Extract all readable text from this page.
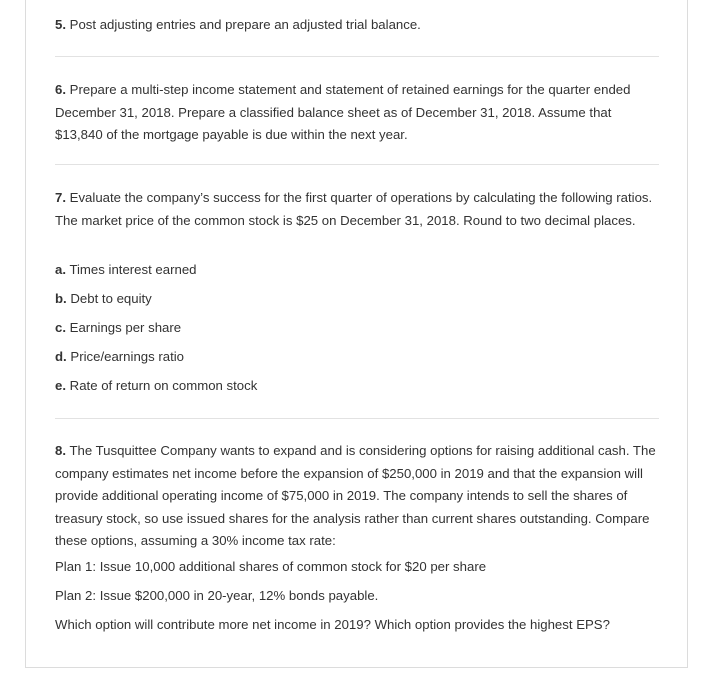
5. Post adjusting entries and prepare an adjusted trial balance.
6. Prepare a multi-step income statement and statement of retained earnings for the quarter ended December 31, 2018. Prepare a classified balance sheet as of December 31, 2018. Assume that $13,840 of the mortgage payable is due within the next year.
7. Evaluate the company’s success for the first quarter of operations by calculating the following ratios. The market price of the common stock is $25 on December 31, 2018. Round to two decimal places.
a. Times interest earned
b. Debt to equity
c. Earnings per share
d. Price/earnings ratio
e. Rate of return on common stock
8. The Tusquittee Company wants to expand and is considering options for raising additional cash. The company estimates net income before the expansion of $250,000 in 2019 and that the expansion will provide additional operating income of $75,000 in 2019. The company intends to sell the shares of treasury stock, so use issued shares for the analysis rather than current shares outstanding. Compare these options, assuming a 30% income tax rate:
Plan 1: Issue 10,000 additional shares of common stock for $20 per share
Plan 2: Issue $200,000 in 20-year, 12% bonds payable.
Which option will contribute more net income in 2019? Which option provides the highest EPS?
